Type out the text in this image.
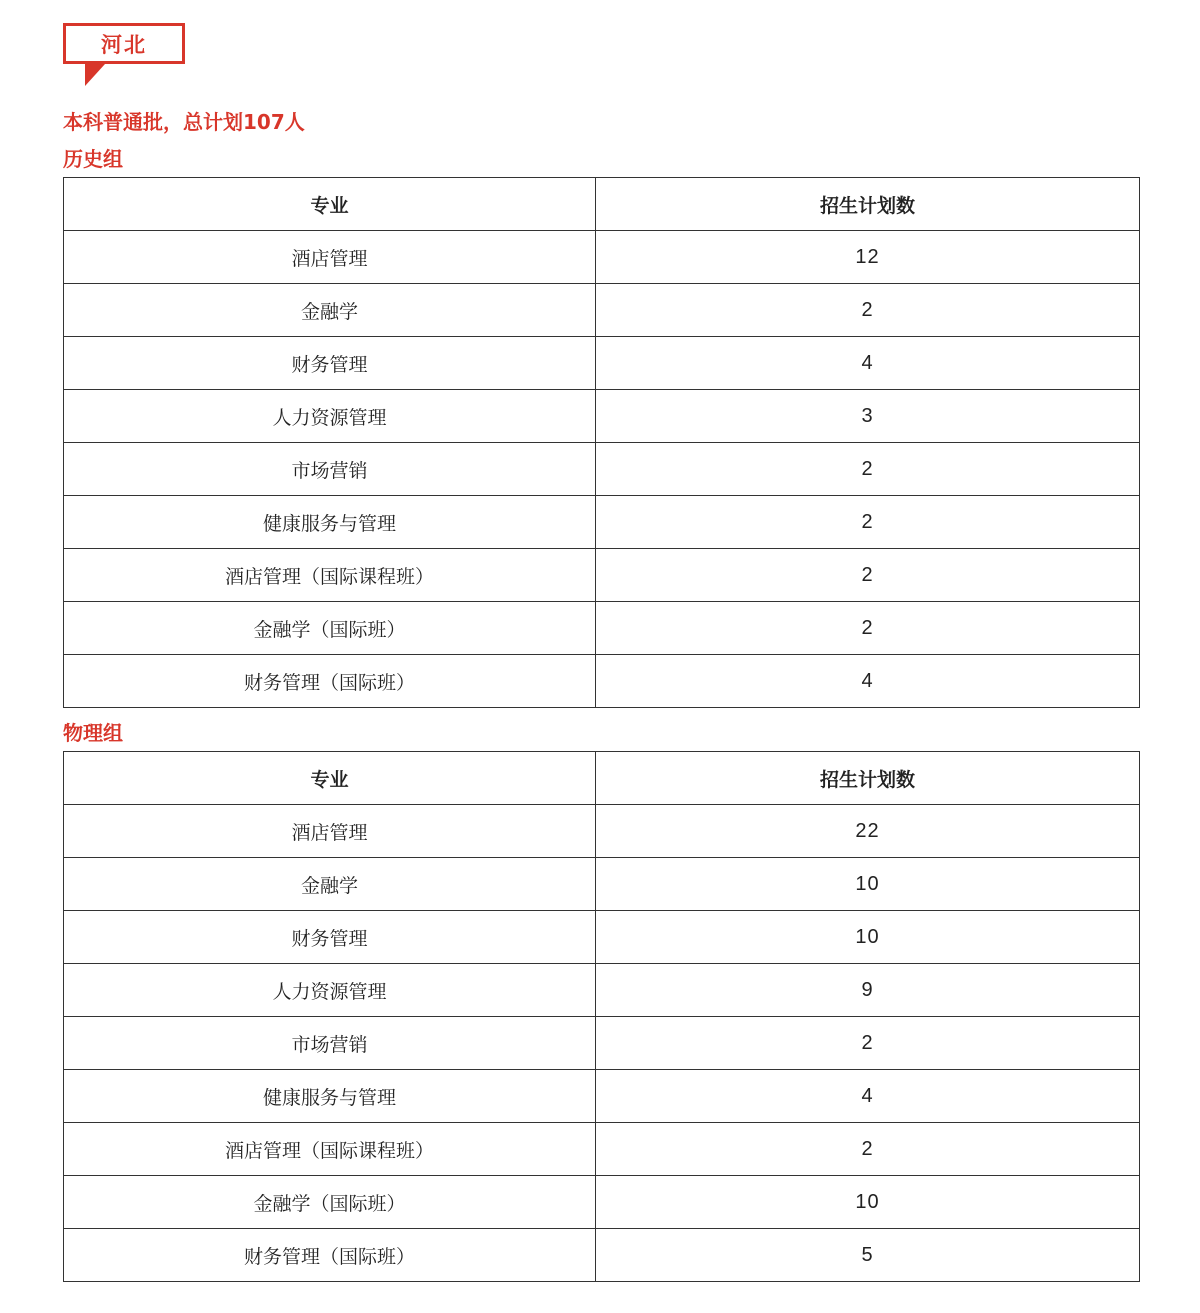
河北
本科普通批，总计划107人
历史组
专业	招生计划数
酒店管理	12
金融学	2
财务管理	4
人力资源管理	3
市场营销	2
健康服务与管理	2
酒店管理（国际课程班）	2
金融学（国际班）	2
财务管理（国际班）	4
物理组
专业	招生计划数
酒店管理	22
金融学	10
财务管理	10
人力资源管理	9
市场营销	2
健康服务与管理	4
酒店管理（国际课程班）	2
金融学（国际班）	10
财务管理（国际班）	5
